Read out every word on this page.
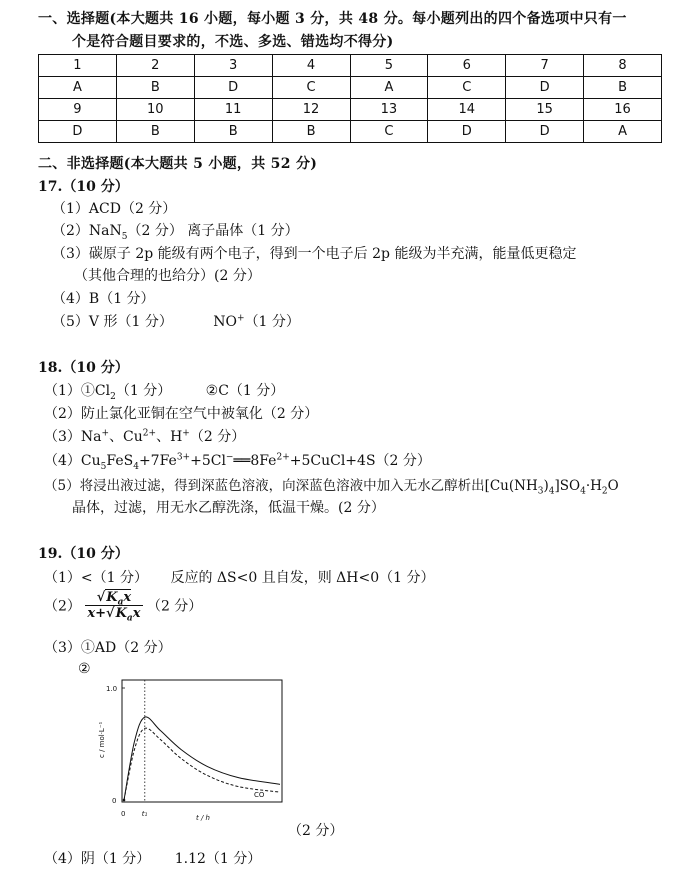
一、选择题(本大题共 16 小题，每小题 3 分，共 48 分。每小题列出的四个备选项中只有一
个是符合题目要求的，不选、多选、错选均不得分)
1	2	3	4	5	6	7	8
A	B	D	C	A	C	D	B
9	10	11	12	13	14	15	16
D	B	B	B	C	D	D	A
二、非选择题(本大题共 5 小题，共 52 分)
17.（10 分）
（1）ACD（2 分）
（2）NaN$_5$（2 分） 离子晶体（1 分）
（3）碳原子 2p 能级有两个电子，得到一个电子后 2p 能级为半充满，能量低更稳定
（其他合理的也给分）(2 分）
（4）B（1 分）
（5）V 形（1 分）	NO+（1 分）
18.（10 分）
$(1)①Cl_2(1$ 分） ②C（1 分）
（2）防止氯化亚铜在空气中被氧化（2 分）
（3）Na+、$Cu^{2+}$、H+（2 分）
$(4)Cu_5FeS_4+7Fe^{3+}+5Cl^-══8Fe^{2+}+5CuCl+4S(2$ 分）
（5）将浸出液过滤，得到深蓝色溶液，向深蓝色溶液中加入无水乙醇析出$[Cu(NH_3)_4]SO_4\cdot H_2O$
晶体，过滤，用无水乙醇洗涤，低温干燥。(2 分）
19.（10 分）
（1）<（1 分） 反应的 ΔS<0 且自发，则 ΔH<0（1 分）
$(2) \frac{√K_ax}{x+√K_ax} (2$ 分）
（3）①AD（2 分）
②
1.0
0
0 t₁	t / h
c / mol·L⁻¹
CO
（2 分）
（4）阴（1 分） 1.12（1 分）
